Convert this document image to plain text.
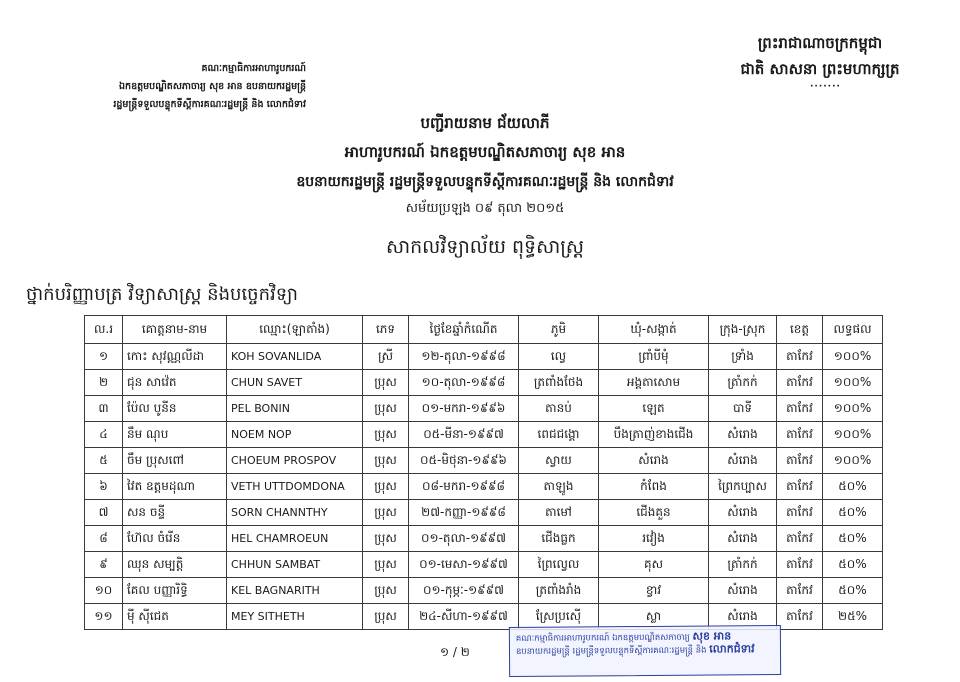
គណៈកម្មាធិការអាហារូបករណ៍
ឯកឧត្តមបណ្ឌិតសភាចារ្យ សុខ អាន ឧបនាយករដ្ឋមន្ត្រី
រដ្ឋមន្ត្រីទទួលបន្ទុកទីស្តីការគណៈរដ្ឋមន្ត្រី និង លោកជំទាវ
ព្រះរាជាណាចក្រកម្ពុជា
ជាតិ សាសនា ព្រះមហាក្សត្រ
·······
បញ្ជីរាយនាម ជ័យលាភី
អាហារូបករណ៍ ឯកឧត្តមបណ្ឌិតសភាចារ្យ សុខ អាន
ឧបនាយករដ្ឋមន្ត្រី រដ្ឋមន្ត្រីទទួលបន្ទុកទីស្តីការគណៈរដ្ឋមន្ត្រី និង លោកជំទាវ
សម័យប្រឡង ០៩ តុលា ២០១៥
សាកលវិទ្យាល័យ ពុទ្ធិសាស្ត្រ
ថ្នាក់បរិញ្ញាបត្រ វិទ្យាសាស្ត្រ និងបច្ចេកវិទ្យា
ល.រ	គោត្តនាម-នាម	ឈ្មោះ(ឡាតាំង)	ភេទ	ថ្ងៃខែឆ្នាំកំណើត	ភូមិ	ឃុំ-សង្កាត់	ក្រុង-ស្រុក	ខេត្ត	លទ្ធផល
១	កោះ សុវណ្ណលីដា	KOH SOVANLIDA	ស្រី	១២-តុលា-១៩៩៨	ល្វេ	ព្រាំបីមុំ	ទ្រាំង	តាកែវ	១០០%
២	ជុន សាវ៉េត	CHUN SAVET	ប្រុស	១០-តុលា-១៩៩៨	ត្រពាំងថែង	អង្គតាសោម	ត្រាំកក់	តាកែវ	១០០%
៣	ប៉ែល បូនីន	PEL BONIN	ប្រុស	០១-មករា-១៩៩៦	តានប់	ឡេត	បាទី	តាកែវ	១០០%
៤	នឹម ណុប	NOEM NOP	ប្រុស	០៥-មីនា-១៩៩៧	ពេជជង្គោ	បឹងត្រាញ់ខាងជើង	សំរោង	តាកែវ	១០០%
៥	ចឹម ប្រុសពៅ	CHOEUM PROSPOV	ប្រុស	០៥-មិថុនា-១៩៩៦	ស្វាយ	សំរោង	សំរោង	តាកែវ	១០០%
៦	វៃត ឧត្តមដុណា	VETH UTTDOMDONA	ប្រុស	០៨-មករា-១៩៩៨	តាឡូង	កំពែង	ព្រៃកប្បាស	តាកែវ	៥០%
៧	សន ចន្ទី	SORN CHANNTHY	ប្រុស	២៧-កញ្ញា-១៩៩៨	តាមៅ	ជើងគួន	សំរោង	តាកែវ	៥០%
៨	ហ៊ែល ចំរើន	HEL CHAMROEUN	ប្រុស	០១-តុលា-១៩៩៧	ជើងធ្លក	រវៀង	សំរោង	តាកែវ	៥០%
៩	ឈុន សម្បត្តិ	CHHUN SAMBAT	ប្រុស	០១-មេសា-១៩៩៧	ព្រៃល្វេល	គុស	ត្រាំកក់	តាកែវ	៥០%
១០	គែល បញ្ញារិទ្ធិ	KEL BAGNARITH	ប្រុស	០១-កុម្ភៈ-១៩៩៧	ត្រពាំងរាំង	ខ្វាវ	សំរោង	តាកែវ	៥០%
១១	ម៉ី ស៊ីជេត	MEY SITHETH	ប្រុស	២៤-សីហា-១៩៩៧	ស្រែប្រស៊ើ	ស្លា	សំរោង	តាកែវ	២៥%
១ / ២
គណៈកម្មាធិការអាហារូបករណ៍ ឯកឧត្តមបណ្ឌិតសភាចារ្យ សុខ អាន
ឧបនាយករដ្ឋមន្ត្រី រដ្ឋមន្ត្រីទទួលបន្ទុកទីស្តីការគណៈរដ្ឋមន្ត្រី និង លោកជំទាវ
